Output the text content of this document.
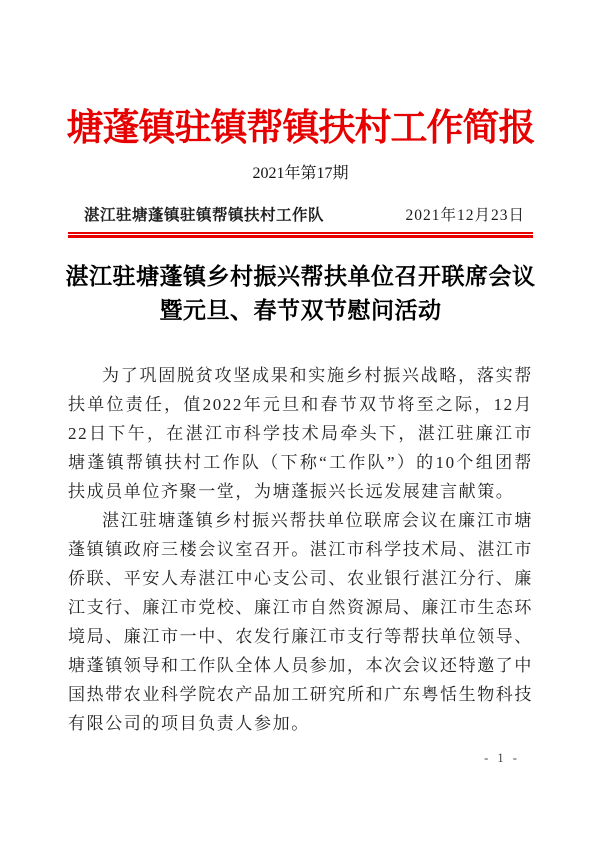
塘蓬镇驻镇帮镇扶村工作简报
2021年第17期
湛江驻塘蓬镇驻镇帮镇扶村工作队	2021年12月23日
湛江驻塘蓬镇乡村振兴帮扶单位召开联席会议
暨元旦、春节双节慰问活动

为了巩固脱贫攻坚成果和实施乡村振兴战略，落实帮扶单位责任，值2022年元旦和春节双节将至之际，12月22日下午，在湛江市科学技术局牵头下，湛江驻廉江市塘蓬镇帮镇扶村工作队（下称“工作队”）的10个组团帮扶成员单位齐聚一堂，为塘蓬振兴长远发展建言献策。

湛江驻塘蓬镇乡村振兴帮扶单位联席会议在廉江市塘蓬镇镇政府三楼会议室召开。湛江市科学技术局、湛江市侨联、平安人寿湛江中心支公司、农业银行湛江分行、廉江支行、廉江市党校、廉江市自然资源局、廉江市生态环境局、廉江市一中、农发行廉江市支行等帮扶单位领导、塘蓬镇领导和工作队全体人员参加，本次会议还特邀了中国热带农业科学院农产品加工研究所和广东粤恬生物科技有限公司的项目负责人参加。

- 1 -
